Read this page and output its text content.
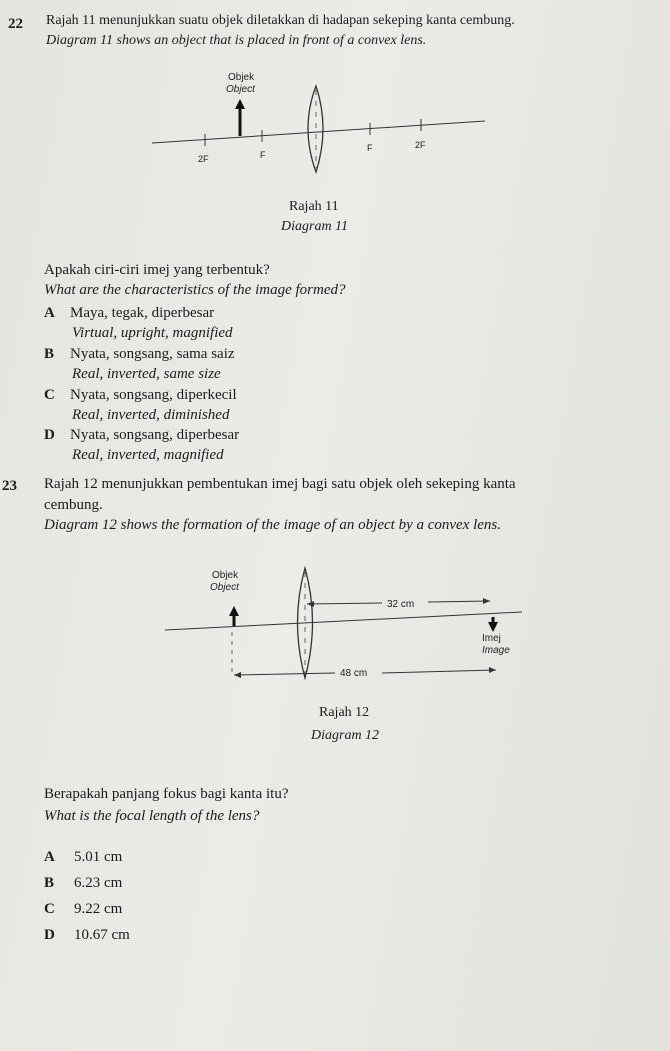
22 Rajah 11 menunjukkan suatu objek diletakkan di hadapan sekeping kanta cembung.
Diagram 11 shows an object that is placed in front of a convex lens.
Objek
Object
2F	F
F	2F
Rajah 11
Diagram 11
Apakah ciri-ciri imej yang terbentuk?
What are the characteristics of the image formed?
A Maya, tegak, diperbesar
Virtual, upright, magnified
B Nyata, songsang, sama saiz
Real, inverted, same size
C Nyata, songsang, diperkecil
Real, inverted, diminished
D Nyata, songsang, diperbesar
Real, inverted, magnified
23 Rajah 12 menunjukkan pembentukan imej bagi satu objek oleh sekeping kanta
cembung.
Diagram 12 shows the formation of the image of an object by a convex lens.
Objek
Object
32 cm
Imej
Image
48 cm
Rajah 12
Diagram 12
Berapakah panjang fokus bagi kanta itu?
What is the focal length of the lens?
A 5.01 cm
B 6.23 cm
C 9.22 cm
D 10.67 cm
